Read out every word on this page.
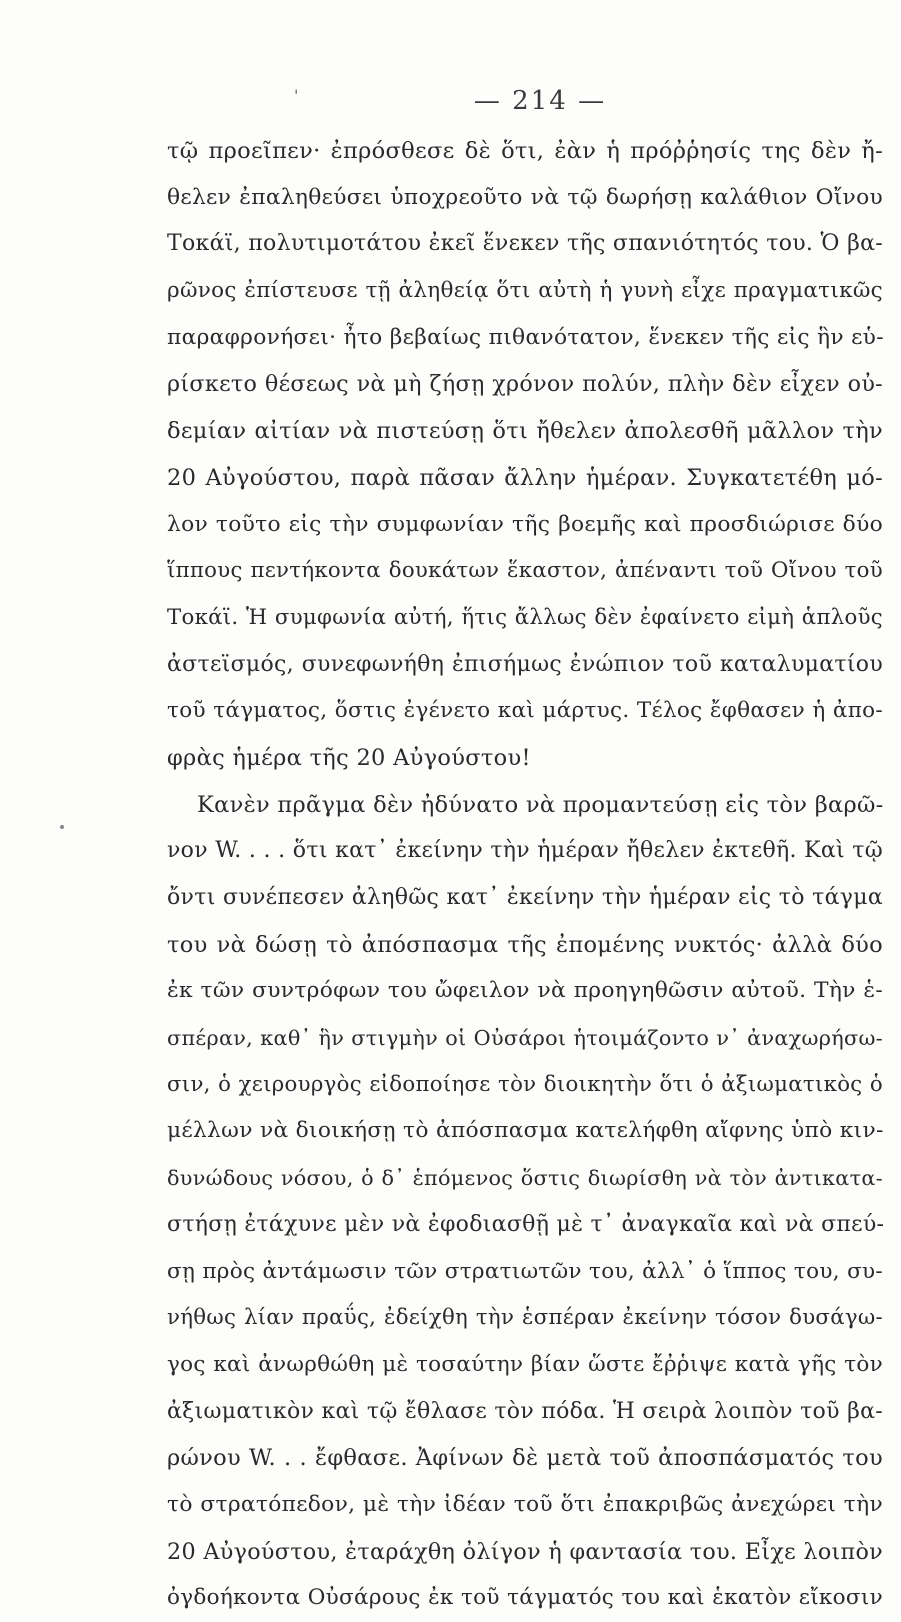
'	— 214 —
τῷ προεῖπεν· ἐπρόσθεσε δὲ ὅτι, ἐὰν ἡ πρόῤῥησίς της δὲν ἤ-
θελεν ἐπαληθεύσει ὑποχρεοῦτο νὰ τῷ δωρήσῃ καλάθιον Οἴνου
Τοκάϊ, πολυτιμοτάτου ἐκεῖ ἕνεκεν τῆς σπανιότητός του. Ὁ βα-
ρῶνος ἐπίστευσε τῇ ἀληθείᾳ ὅτι αὐτὴ ἡ γυνὴ εἶχε πραγματικῶς
παραφρονήσει· ἦτο βεβαίως πιθανότατον, ἕνεκεν τῆς εἰς ἣν εὑ-
ρίσκετο θέσεως νὰ μὴ ζήσῃ χρόνον πολύν, πλὴν δὲν εἶχεν οὐ-
δεμίαν αἰτίαν νὰ πιστεύσῃ ὅτι ἤθελεν ἀπολεσθῆ μᾶλλον τὴν
20 Αὐγούστου, παρὰ πᾶσαν ἄλλην ἡμέραν. Συγκατετέθη μό-
λον τοῦτο εἰς τὴν συμφωνίαν τῆς βοεμῆς καὶ προσδιώρισε δύο
ἵππους πεντήκοντα δουκάτων ἕκαστον, ἀπέναντι τοῦ Οἴνου τοῦ
Τοκάϊ. Ἡ συμφωνία αὐτή, ἥτις ἄλλως δὲν ἐφαίνετο εἰμὴ ἁπλοῦς
ἀστεϊσμός, συνεφωνήθη ἐπισήμως ἐνώπιον τοῦ καταλυματίου
τοῦ τάγματος, ὅστις ἐγένετο καὶ μάρτυς. Τέλος ἔφθασεν ἡ ἀπο-
φρὰς ἡμέρα τῆς 20 Αὐγούστου!
Κανὲν πρᾶγμα δὲν ἠδύνατο νὰ προμαντεύσῃ εἰς τὸν βαρῶ-
νον W. . . . ὅτι κατ᾽ ἐκείνην τὴν ἡμέραν ἤθελεν ἐκτεθῆ. Καὶ τῷ
ὄντι συνέπεσεν ἀληθῶς κατ᾽ ἐκείνην τὴν ἡμέραν εἰς τὸ τάγμα
του νὰ δώσῃ τὸ ἀπόσπασμα τῆς ἐπομένης νυκτός· ἀλλὰ δύο
ἐκ τῶν συντρόφων του ὤφειλον νὰ προηγηθῶσιν αὐτοῦ. Τὴν ἑ-
σπέραν, καθ᾽ ἣν στιγμὴν οἱ Οὐσάροι ἡτοιμάζοντο ν᾽ ἀναχωρήσω-
σιν, ὁ χειρουργὸς εἰδοποίησε τὸν διοικητὴν ὅτι ὁ ἀξιωματικὸς ὁ
μέλλων νὰ διοικήσῃ τὸ ἀπόσπασμα κατελήφθη αἴφνης ὑπὸ κιν-
δυνώδους νόσου, ὁ δ᾽ ἑπόμενος ὅστις διωρίσθη νὰ τὸν ἀντικατα-
στήσῃ ἐτάχυνε μὲν νὰ ἐφοδιασθῇ μὲ τ᾽ ἀναγκαῖα καὶ νὰ σπεύ-
σῃ πρὸς ἀντάμωσιν τῶν στρατιωτῶν του, ἀλλ᾽ ὁ ἵππος του, συ-
νήθως λίαν πραΰς, ἐδείχθη τὴν ἑσπέραν ἐκείνην τόσον δυσάγω-
γος καὶ ἀνωρθώθη μὲ τοσαύτην βίαν ὥστε ἔῤῥιψε κατὰ γῆς τὸν
ἀξιωματικὸν καὶ τῷ ἔθλασε τὸν πόδα. Ἡ σειρὰ λοιπὸν τοῦ βα-
ρώνου W. . . ἔφθασε. Ἀφίνων δὲ μετὰ τοῦ ἀποσπάσματός του
τὸ στρατόπεδον, μὲ τὴν ἰδέαν τοῦ ὅτι ἐπακριβῶς ἀνεχώρει τὴν
20 Αὐγούστου, ἐταράχθη ὀλίγον ἡ φαντασία του. Εἶχε λοιπὸν
ὀγδοήκοντα Οὐσάρους ἐκ τοῦ τάγματός του καὶ ἑκατὸν εἴκοσιν
